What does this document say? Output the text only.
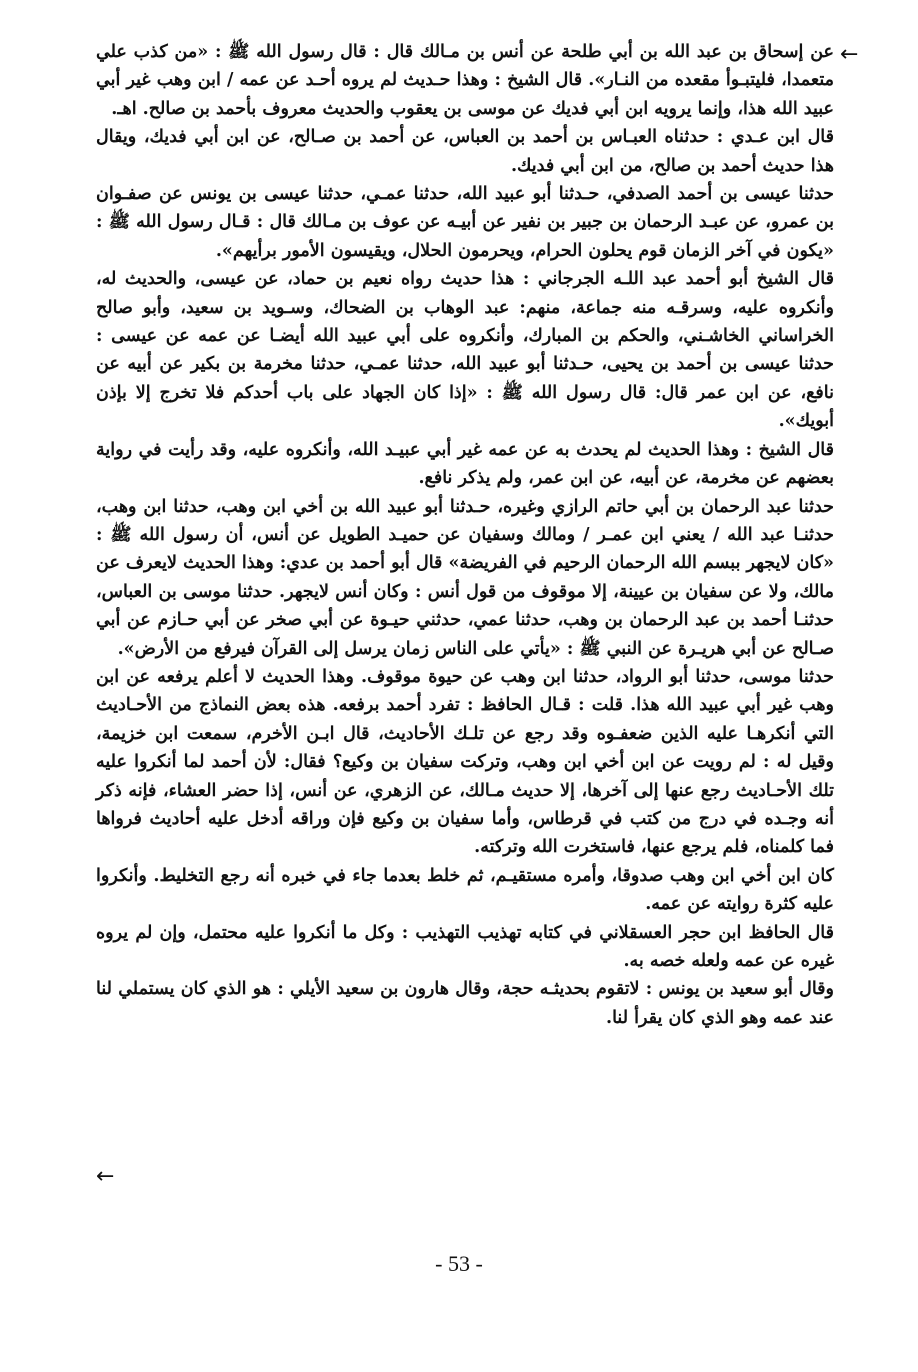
←

عن إسحاق بن عبد الله بن أبي طلحة عن أنس بن مـالك قال : قال رسول الله ﷺ : «من كذب علي متعمدا، فليتبـوأ مقعده من النـار». قال الشيخ : وهذا حـديث لم يروه أحـد عن عمه / ابن وهب غير أبي عبيد الله هذا، وإنما يرويه ابن أبي فديك عن موسى بن يعقوب والحديث معروف بأحمد بن صالح. اهـ.

قال ابن عـدي : حدثناه العبـاس بن أحمد بن العباس، عن أحمد بن صـالح، عن ابن أبي فديك، ويقال هذا حديث أحمد بن صالح، من ابن أبي فديك.

حدثنا عيسى بن أحمد الصدفي، حـدثنا أبو عبيد الله، حدثنا عمـي، حدثنا عيسى بن يونس عن صفـوان بن عمرو، عن عبـد الرحمان بن جبير بن نفير عن أبيـه عن عوف بن مـالك قال : قـال رسول الله ﷺ : «يكون في آخر الزمان قوم يحلون الحرام، ويحرمون الحلال، ويقيسون الأمور برأيهم».

قال الشيخ أبو أحمد عبد اللـه الجرجاني : هذا حديث رواه نعيم بن حماد، عن عيسى، والحديث له، وأنكروه عليه، وسرقـه منه جماعة، منهم: عبد الوهاب بن الضحاك، وسـويد بن سعيد، وأبو صالح الخراساني الخاشـني، والحكم بن المبارك، وأنكروه على أبي عبيد الله أيضـا عن عمه عن عيسى : حدثنا عيسى بن أحمد بن يحيى، حـدثنا أبو عبيد الله، حدثنا عمـي، حدثنا مخرمة بن بكير عن أبيه عن نافع، عن ابن عمر قال: قال رسول الله ﷺ : «إذا كان الجهاد على باب أحدكم فلا تخرج إلا بإذن أبويك».

قال الشيخ : وهذا الحديث لم يحدث به عن عمه غير أبي عبيـد الله، وأنكروه عليه، وقد رأيت في رواية بعضهم عن مخرمة، عن أبيه، عن ابن عمر، ولم يذكر نافع.

حدثنا عبد الرحمان بن أبي حاتم الرازي وغيره، حـدثنا أبو عبيد الله بن أخي ابن وهب، حدثنا ابن وهب، حدثنـا عبد الله / يعني ابن عمـر / ومالك وسفيان عن حميـد الطويل عن أنس، أن رسول الله ﷺ : «كان لايجهر ببسم الله الرحمان الرحيم في الفريضة» قال أبو أحمد بن عدي: وهذا الحديث لايعرف عن مالك، ولا عن سفيان بن عيينة، إلا موقوف من قول أنس : وكان أنس لايجهر. حدثنا موسى بن العباس، حدثنـا أحمد بن عبد الرحمان بن وهب، حدثنا عمي، حدثني حيـوة عن أبي صخر عن أبي حـازم عن أبي صـالح عن أبي هريـرة عن النبي ﷺ : «يأتي على الناس زمان يرسل إلى القرآن فيرفع من الأرض».

حدثنا موسى، حدثنا أبو الرواد، حدثنا ابن وهب عن حيوة موقوف. وهذا الحديث لا أعلم يرفعه عن ابن وهب غير أبي عبيد الله هذا. قلت : قـال الحافظ : تفرد أحمد برفعه. هذه بعض النماذج من الأحـاديث التي أنكرهـا عليه الذين ضعفـوه وقد رجع عن تلـك الأحاديث، قال ابـن الأخرم، سمعت ابن خزيمة، وقيل له : لم رويت عن ابن أخي ابن وهب، وتركت سفيان بن وكيع؟ فقال: لأن أحمد لما أنكروا عليه تلك الأحـاديث رجع عنها إلى آخرها، إلا حديث مـالك، عن الزهري، عن أنس، إذا حضر العشاء، فإنه ذكر أنه وجـده في درج من كتب في قرطاس، وأما سفيان بن وكيع فإن وراقه أدخل عليه أحاديث فرواها فما كلمناه، فلم يرجع عنها، فاستخرت الله وتركته.

كان ابن أخي ابن وهب صدوقا، وأمره مستقيـم، ثم خلط بعدما جاء في خبره أنه رجع التخليط. وأنكروا عليه كثرة روايته عن عمه.

قال الحافظ ابن حجر العسقلاني في كتابه تهذيب التهذيب : وكل ما أنكروا عليه محتمل، وإن لم يروه غيره عن عمه ولعله خصه به.

وقال أبو سعيد بن يونس : لاتقوم بحديثـه حجة، وقال هارون بن سعيد الأيلي : هو الذي كان يستملي لنا عند عمه وهو الذي كان يقرأ لنا.

←
- 53 -
